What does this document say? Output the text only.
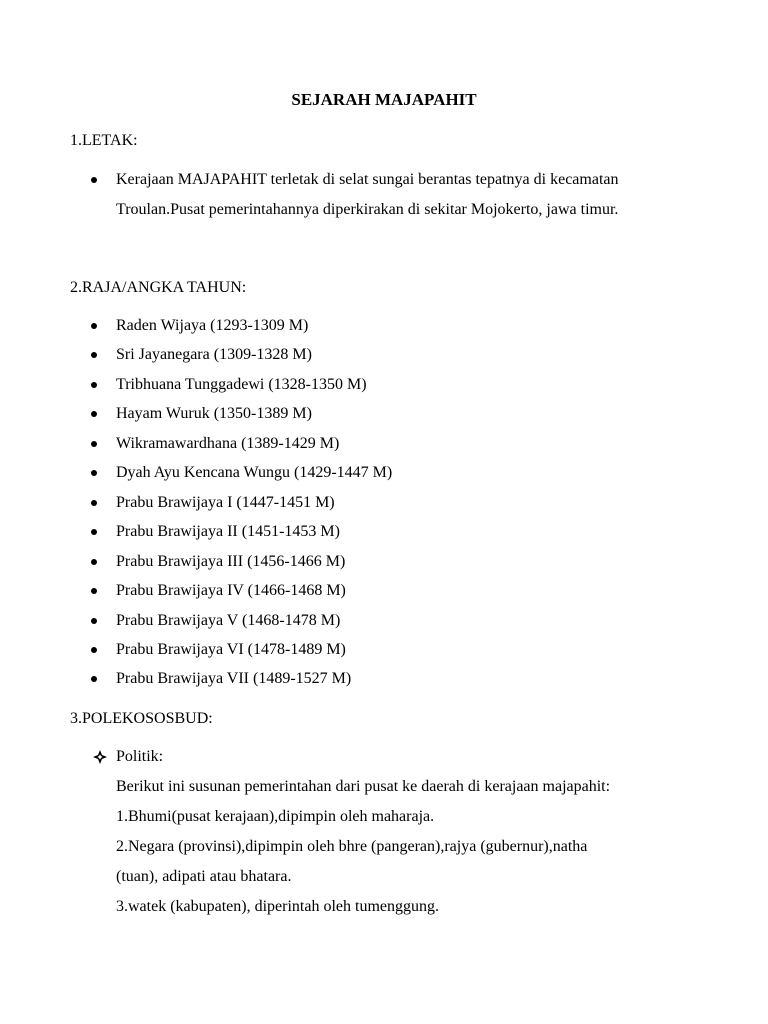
SEJARAH MAJAPAHIT
1.LETAK:
Kerajaan MAJAPAHIT terletak di selat sungai berantas tepatnya di kecamatan
Troulan.Pusat pemerintahannya diperkirakan di sekitar Mojokerto, jawa timur.
2.RAJA/ANGKA TAHUN:
Raden Wijaya (1293-1309 M)
Sri Jayanegara (1309-1328 M)
Tribhuana Tunggadewi (1328-1350 M)
Hayam Wuruk (1350-1389 M)
Wikramawardhana (1389-1429 M)
Dyah Ayu Kencana Wungu (1429-1447 M)
Prabu Brawijaya I (1447-1451 M)
Prabu Brawijaya II (1451-1453 M)
Prabu Brawijaya III (1456-1466 M)
Prabu Brawijaya IV (1466-1468 M)
Prabu Brawijaya V (1468-1478 M)
Prabu Brawijaya VI (1478-1489 M)
Prabu Brawijaya VII (1489-1527 M)
3.POLEKOSOSBUD:
Politik:
Berikut ini susunan pemerintahan dari pusat ke daerah di kerajaan majapahit:
1.Bhumi(pusat kerajaan),dipimpin oleh maharaja.
2.Negara (provinsi),dipimpin oleh bhre (pangeran),rajya (gubernur),natha
(tuan), adipati atau bhatara.
3.watek (kabupaten), diperintah oleh tumenggung.
